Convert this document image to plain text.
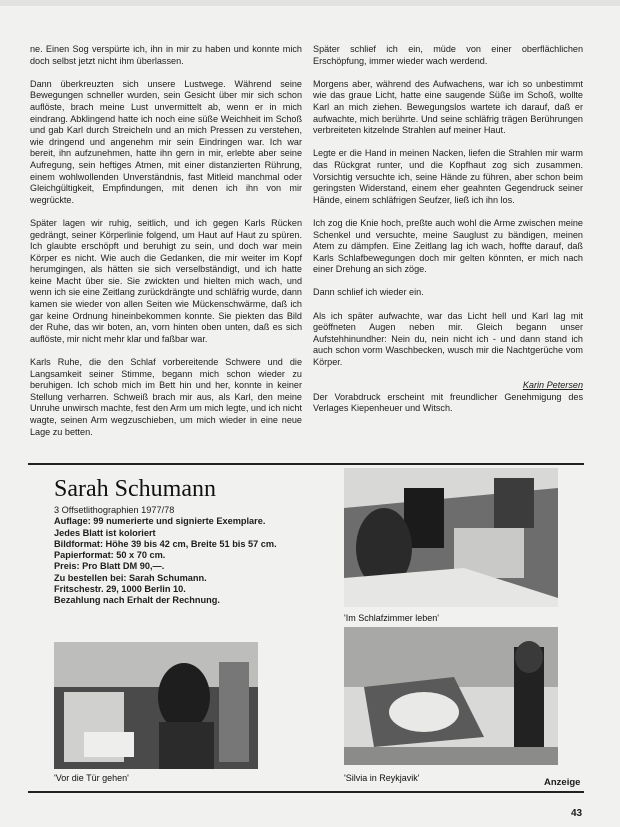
ne. Einen Sog verspürte ich, ihn in mir zu haben und konnte mich doch selbst jetzt nicht ihm überlassen.

Dann überkreuzten sich unsere Lustwege. Während seine Bewegungen schneller wurden, sein Gesicht über mir sich schon auflöste, brach meine Lust unvermittelt ab, wenn er in mich eindrang. Abklingend hatte ich noch eine süße Weichheit im Schoß und gab Karl durch Streicheln und an mich Pressen zu verstehen, wie dringend und angenehm mir sein Eindringen war. Ich war bereit, ihn aufzunehmen, hatte ihn gern in mir, erlebte aber seine Aufregung, sein heftiges Atmen, mit einer distanzierten Rührung, einem wohlwollenden Unverständnis, fast Mitleid manchmal oder Gleichgültigkeit, Empfindungen, mit denen ich ihn von mir wegrückte.

Später lagen wir ruhig, seitlich, und ich gegen Karls Rücken gedrängt, seiner Körperlinie folgend, um Haut auf Haut zu spüren. Ich glaubte erschöpft und beruhigt zu sein, und doch war mein Körper es nicht. Wie auch die Gedanken, die mir weiter im Kopf herumgingen, als hätten sie sich verselbständigt, und ich hatte keine Macht über sie. Sie zwickten und hielten mich wach, und wenn ich sie eine Zeitlang zurückdrängte und schläfrig wurde, dann kamen sie wieder von allen Seiten wie Mückenschwärme, daß ich gar keine Ordnung hineinbekommen konnte. Sie piekten das Bild der Ruhe, das wir boten, an, vorn hinten oben unten, daß es sich auflöste, mir nicht mehr klar und faßbar war.

Karls Ruhe, die den Schlaf vorbereitende Schwere und die Langsamkeit seiner Stimme, begann mich schon wieder zu beruhigen. Ich schob mich im Bett hin und her, konnte in keiner Stellung verharren. Schweiß brach mir aus, als Karl, den meine Unruhe unwirsch machte, fest den Arm um mich legte, und ich nicht wagte, seinen Arm wegzuschieben, um mich wieder in eine neue Lage zu betten.

Später schlief ich ein, müde von einer oberflächlichen Erschöpfung, immer wieder wach werdend.

Morgens aber, während des Aufwachens, war ich so unbestimmt wie das graue Licht, hatte eine saugende Süße im Schoß, wollte Karl an mich ziehen. Bewegungslos wartete ich darauf, daß er aufwachte, mich berührte. Und seine schläfrig trägen Berührungen verbreiteten kitzelnde Strahlen auf meiner Haut.

Legte er die Hand in meinen Nacken, liefen die Strahlen mir warm das Rückgrat runter, und die Kopfhaut zog sich zusammen. Vorsichtig versuchte ich, seine Hände zu führen, aber schon beim geringsten Widerstand, einem eher geahnten Gegendruck seiner Hände, einem schläfrigen Seufzer, ließ ich ihn los.

Ich zog die Knie hoch, preßte auch wohl die Arme zwischen meine Schenkel und versuchte, meine Sauglust zu bändigen, meinen Atem zu dämpfen. Eine Zeitlang lag ich wach, hoffte darauf, daß Karls Schlafbewegungen doch mir gelten könnten, er mich nach einer Drehung an sich zöge.

Dann schlief ich wieder ein.

Als ich später aufwachte, war das Licht hell und Karl lag mit geöffneten Augen neben mir. Gleich begann unser Aufstehhinundher: Nein du, nein nicht ich - und dann stand ich auch schon vorm Waschbecken, wusch mir die Nachtgerüche vom Körper.

Karin Petersen

Der Vorabdruck erscheint mit freundlicher Genehmigung des Verlages Kiepenheuer und Witsch.

Sarah Schumann
3 Offsetlithographien 1977/78
Auflage: 99 numerierte und signierte Exemplare.
Jedes Blatt ist koloriert
Bildformat: Höhe 39 bis 42 cm, Breite 51 bis 57 cm.
Papierformat: 50 x 70 cm.
Preis: Pro Blatt DM 90,—.
Zu bestellen bei: Sarah Schumann.
Fritschestr. 29, 1000 Berlin 10.
Bezahlung nach Erhalt der Rechnung.
'Im Schlafzimmer leben'
'Vor die Tür gehen'	'Silvia in Reykjavik'	Anzeige
43
